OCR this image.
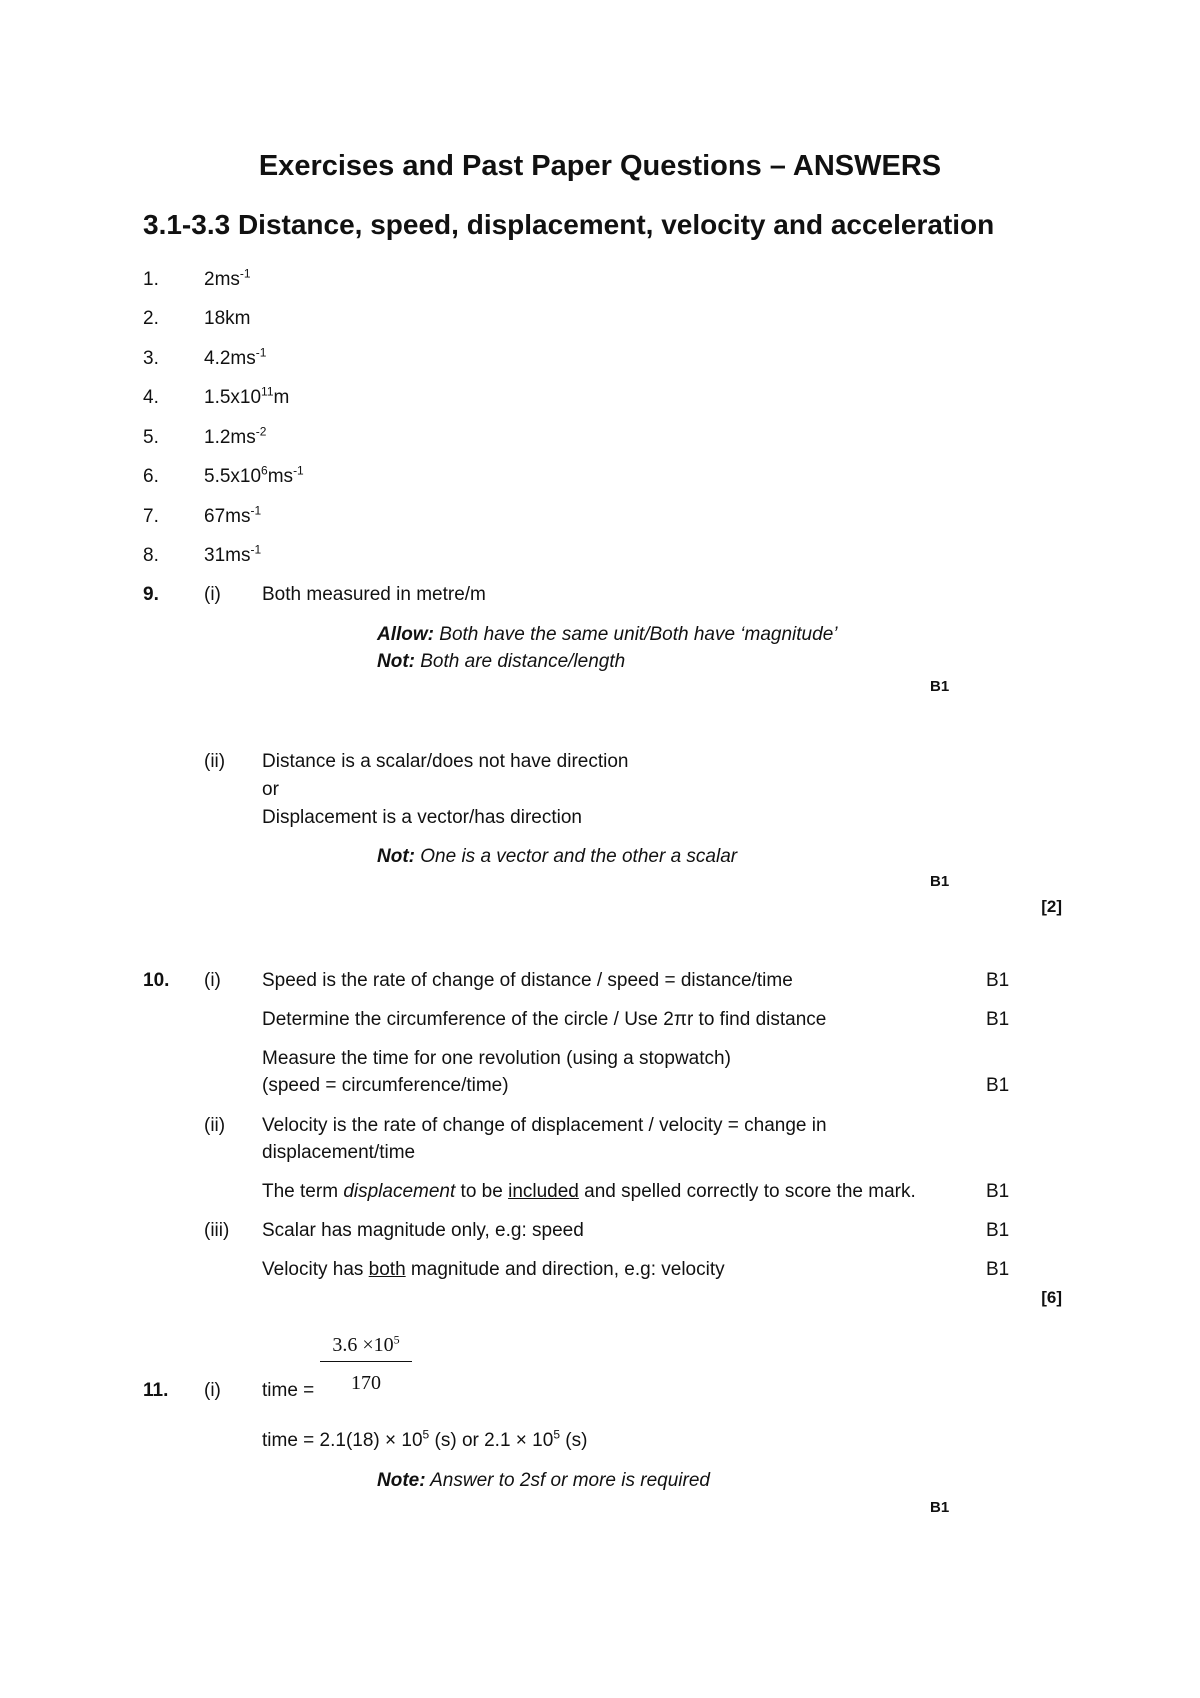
Exercises and Past Paper Questions – ANSWERS
3.1-3.3 Distance, speed, displacement, velocity and acceleration
1. $2ms^{-1}$
2. 18km
3. $4.2ms^{-1}$
4. $1.5x10^{11}m$
5. $1.2ms^{-2}$
6. $5.5x10^6ms^{-1}$
7. $67ms^{-1}$
8. $31ms^{-1}$
9. (i) Both measured in metre/m
Allow: Both have the same unit/Both have ‘magnitude’
Not: Both are distance/length
B1
(ii) Distance is a scalar/does not have direction
or
Displacement is a vector/has direction
Not: One is a vector and the other a scalar
B1
[2]
10. (i) Speed is the rate of change of distance / speed = distance/time	B1
Determine the circumference of the circle / Use 2πr to find distance	B1
Measure the time for one revolution (using a stopwatch)
(speed = circumference/time)	B1
(ii) Velocity is the rate of change of displacement / velocity = change in
displacement/time
The term displacement to be included and spelled correctly to score the mark.	B1
(iii) Scalar has magnitude only, e.g: speed	B1
Velocity has both magnitude and direction, e.g: velocity	B1
[6]
$\frac{3.6 \times 10^5}{170}$
11. (i) time =
time = $2.1(18) \times 10^5$ (s) or $2.1 \times 10^5$ (s)
Note: Answer to 2sf or more is required
B1
